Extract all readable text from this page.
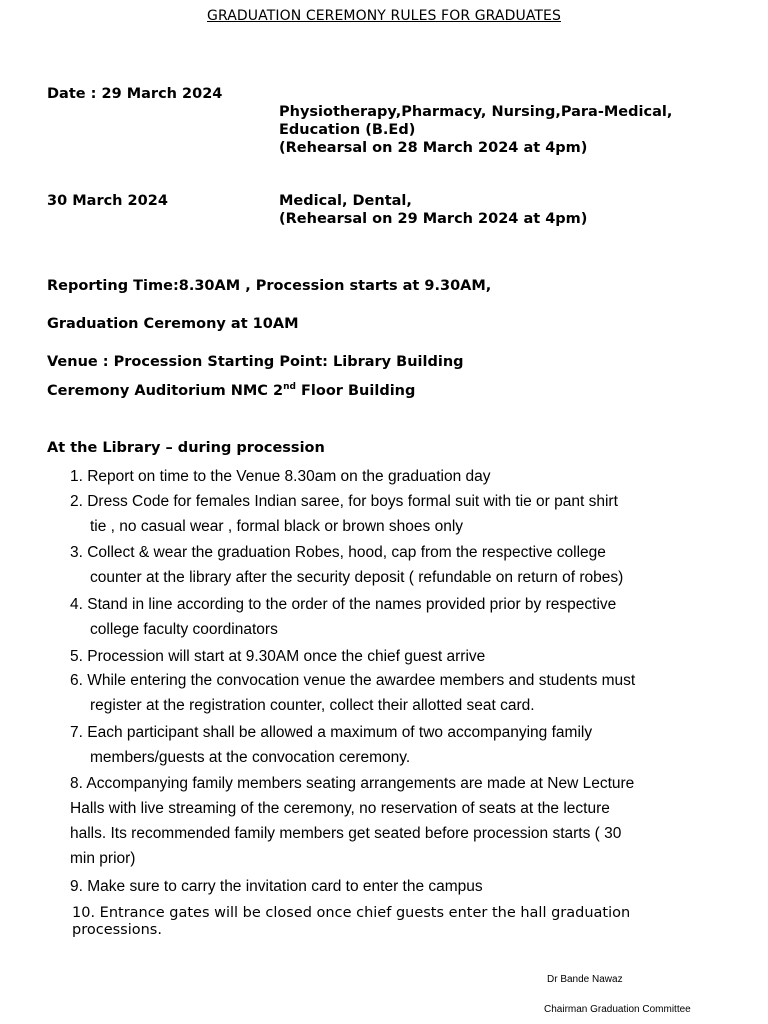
GRADUATION CEREMONY RULES FOR GRADUATES
Date : 29 March 2024
Physiotherapy,Pharmacy, Nursing,Para-Medical,
Education (B.Ed)
(Rehearsal on 28 March 2024 at 4pm)
30 March 2024	Medical, Dental,
(Rehearsal on 29 March 2024 at 4pm)
Reporting Time:8.30AM , Procession starts at 9.30AM,
Graduation Ceremony at 10AM
Venue : Procession Starting Point: Library Building
Ceremony Auditorium NMC 2nd Floor Building
At the Library – during procession
1. Report on time to the Venue 8.30am on the graduation day
2. Dress Code for females Indian saree, for boys formal suit with tie or pant shirt
tie , no casual wear , formal black or brown shoes only
3. Collect & wear the graduation Robes, hood, cap from the respective college
counter at the library after the security deposit ( refundable on return of robes)
4. Stand in line according to the order of the names provided prior by respective
college faculty coordinators
5. Procession will start at 9.30AM once the chief guest arrive
6. While entering the convocation venue the awardee members and students must
register at the registration counter, collect their allotted seat card.
7. Each participant shall be allowed a maximum of two accompanying family
members/guests at the convocation ceremony.
8. Accompanying family members seating arrangements are made at New Lecture
Halls with live streaming of the ceremony, no reservation of seats at the lecture
halls. Its recommended family members get seated before procession starts ( 30
min prior)
9. Make sure to carry the invitation card to enter the campus
10. Entrance gates will be closed once chief guests enter the hall graduation
processions.
Dr Bande Nawaz
Chairman Graduation Committee
